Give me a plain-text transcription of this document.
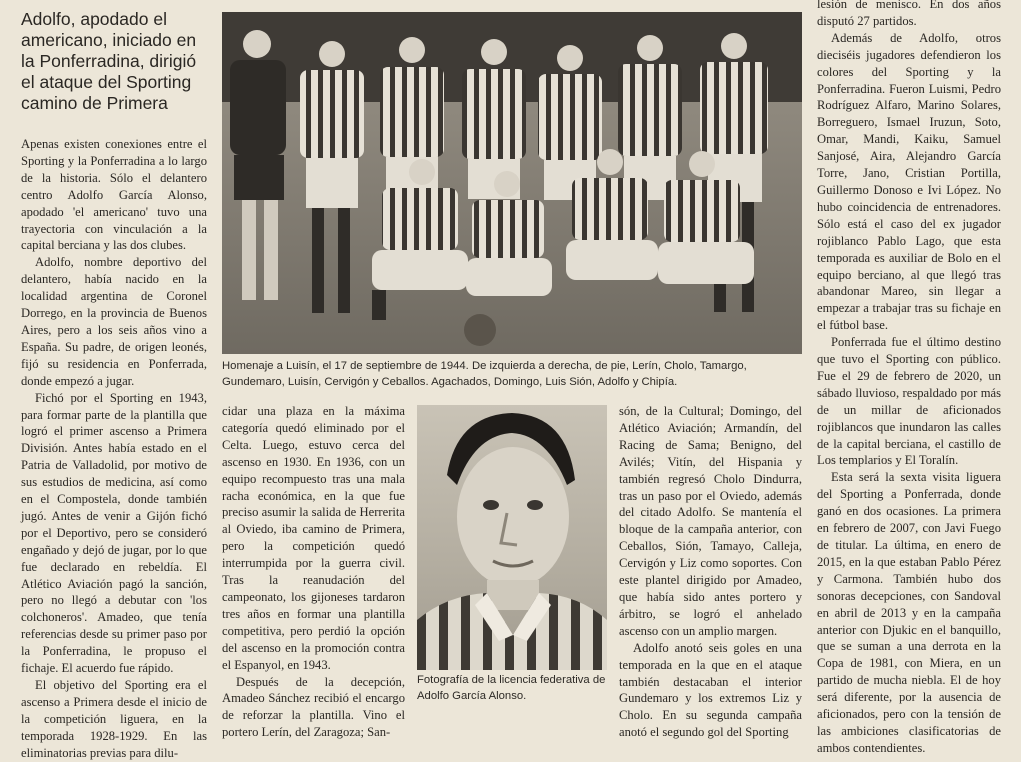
Adolfo, apodado el americano, iniciado en la Ponferradina, dirigió el ataque del Sporting camino de Primera

Apenas existen conexiones entre el Sporting y la Ponferradina a lo largo de la historia. Sólo el delantero centro Adolfo García Alonso, apodado 'el americano' tuvo una trayectoria con vinculación a la capital berciana y las dos clubes.

Adolfo, nombre deportivo del delantero, había nacido en la localidad argentina de Coronel Dorrego, en la provincia de Buenos Aires, pero a los seis años vino a España. Su padre, de origen leonés, fijó su residencia en Ponferrada, donde empezó a jugar.

Fichó por el Sporting en 1943, para formar parte de la plantilla que logró el primer ascenso a Primera División. Antes había estado en el Patria de Valladolid, por motivo de sus estudios de medicina, así como en el Compostela, donde también jugó. Antes de venir a Gijón fichó por el Deportivo, pero se consideró engañado y dejó de jugar, por lo que fue declarado en rebeldía. El Atlético Aviación pagó la sanción, pero no llegó a debutar con 'los colchoneros'. Amadeo, que tenía referencias desde su primer paso por la Ponferradina, le propuso el fichaje. El acuerdo fue rápido.

El objetivo del Sporting era el ascenso a Primera desde el inicio de la competición liguera, en la temporada 1928-1929. En las eliminatorias previas para dilu-

Homenaje a Luisín, el 17 de septiembre de 1944. De izquierda a derecha, de pie, Lerín, Cholo, Tamargo, Gundemaro, Luisín, Cervigón y Ceballos. Agachados, Domingo, Luis Sión, Adolfo y Chipía.

cidar una plaza en la máxima categoría quedó eliminado por el Celta. Luego, estuvo cerca del ascenso en 1930. En 1936, con un equipo recompuesto tras una mala racha económica, en la que fue preciso asumir la salida de Herrerita al Oviedo, iba camino de Primera, pero la competición quedó interrumpida por la guerra civil. Tras la reanudación del campeonato, los gijoneses tardaron tres años en formar una plantilla competitiva, pero perdió la opción del ascenso en la promoción contra el Espanyol, en 1943.

Después de la decepción, Amadeo Sánchez recibió el encargo de reforzar la plantilla. Vino el portero Lerín, del Zaragoza; San-

Fotografía de la licencia federativa de Adolfo García Alonso.

són, de la Cultural; Domingo, del Atlético Aviación; Armandín, del Racing de Sama; Benigno, del Avilés; Vitín, del Hispania y también regresó Cholo Dindurra, tras un paso por el Oviedo, además del citado Adolfo. Se mantenía el bloque de la campaña anterior, con Ceballos, Sión, Tamayo, Calleja, Cervigón y Liz como soportes. Con este plantel dirigido por Amadeo, que había sido antes portero y árbitro, se logró el anhelado ascenso con un amplio margen.

Adolfo anotó seis goles en una temporada en la que en el ataque también destacaban el interior Gundemaro y los extremos Liz y Cholo. En su segunda campaña anotó el segundo gol del Sporting

lesión de menisco. En dos años disputó 27 partidos.

Además de Adolfo, otros dieciséis jugadores defendieron los colores del Sporting y la Ponferradina. Fueron Luismi, Pedro Rodríguez Alfaro, Marino Solares, Borreguero, Ismael Iruzun, Soto, Omar, Mandi, Kaiku, Samuel Sanjosé, Aira, Alejandro García Torre, Jano, Cristian Portilla, Guillermo Donoso e Ivi López. No hubo coincidencia de entrenadores. Sólo está el caso del ex jugador rojiblanco Pablo Lago, que esta temporada es auxiliar de Bolo en el equipo berciano, al que llegó tras abandonar Mareo, sin llegar a empezar a trabajar tras su fichaje en el fútbol base.

Ponferrada fue el último destino que tuvo el Sporting con público. Fue el 29 de febrero de 2020, un sábado lluvioso, respaldado por más de un millar de aficionados rojiblancos que inundaron las calles de la capital berciana, el castillo de Los templarios y El Toralín.

Esta será la sexta visita liguera del Sporting a Ponferrada, donde ganó en dos ocasiones. La primera en febrero de 2007, con Javi Fuego de titular. La última, en enero de 2015, en la que estaban Pablo Pérez y Carmona. También hubo dos sonoras decepciones, con Sandoval en abril de 2013 y en la campaña anterior con Djukic en el banquillo, que se suman a una derrota en la Copa de 1981, con Miera, en un partido de mucha niebla. El de hoy será diferente, por la ausencia de aficionados, pero con la tensión de las ambiciones clasificatorias de ambos contendientes.
